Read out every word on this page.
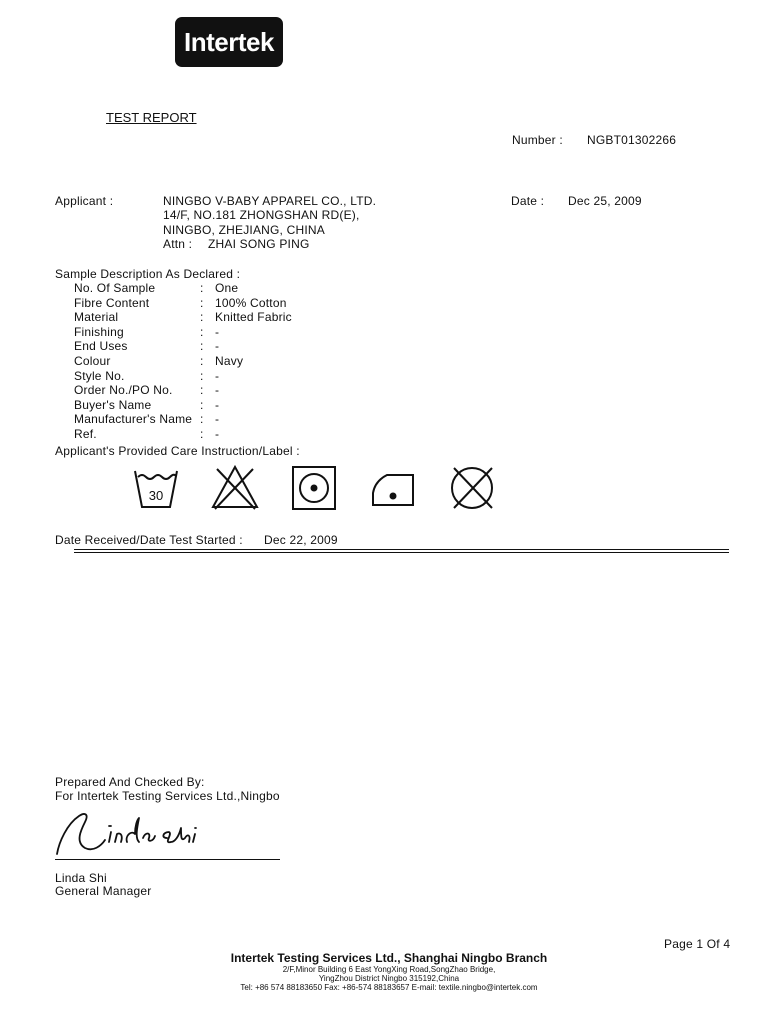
Intertek
TEST REPORT
Number : NGBT01302266
Applicant :	NINGBO V-BABY APPAREL CO., LTD.
14/F, NO.181 ZHONGSHAN RD(E),
NINGBO, ZHEJIANG, CHINA
Attn : ZHAI SONG PING
Date : Dec 25, 2009
Sample Description As Declared :
No. Of Sample	: One
Fibre Content	: 100% Cotton
Material	: Knitted Fabric
Finishing	: -
End Uses	: -
Colour	: Navy
Style No.	: -
Order No./PO No.	: -
Buyer's Name	: -
Manufacturer's Name : -
Ref.	: -
Applicant's Provided Care Instruction/Label :
30
Date Received/Date Test Started : Dec 22, 2009
Prepared And Checked By:
For Intertek Testing Services Ltd.,Ningbo
Linda Shi
General Manager
Page 1 Of 4
Intertek Testing Services Ltd., Shanghai Ningbo Branch
2/F,Minor Building 6 East YongXing Road,SongZhao Bridge,
YingZhou District Ningbo 315192,China
Tel: +86 574 88183650 Fax: +86-574 88183657 E-mail: textile.ningbo@intertek.com
